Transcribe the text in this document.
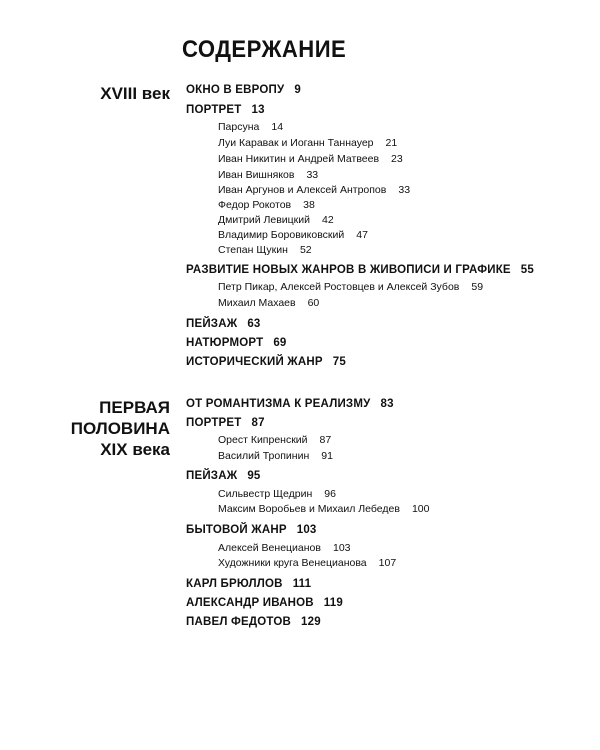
СОДЕРЖАНИЕ
XVIII век
ПЕРВАЯ
ПОЛОВИНА
XIX века
ОКНО В ЕВРОПУ 9
ПОРТРЕТ 13
Парсуна 14
Луи Каравак и Иоганн Таннауер 21
Иван Никитин и Андрей Матвеев 23
Иван Вишняков 33
Иван Аргунов и Алексей Антропов 33
Федор Рокотов 38
Дмитрий Левицкий 42
Владимир Боровиковский 47
Степан Щукин 52
РАЗВИТИЕ НОВЫХ ЖАНРОВ В ЖИВОПИСИ И ГРАФИКЕ 55
Петр Пикар, Алексей Ростовцев и Алексей Зубов 59
Михаил Махаев 60
ПЕЙЗАЖ 63
НАТЮРМОРТ 69
ИСТОРИЧЕСКИЙ ЖАНР 75
ОТ РОМАНТИЗМА К РЕАЛИЗМУ 83
ПОРТРЕТ 87
Орест Кипренский 87
Василий Тропинин 91
ПЕЙЗАЖ 95
Сильвестр Щедрин 96
Максим Воробьев и Михаил Лебедев 100
БЫТОВОЙ ЖАНР 103
Алексей Венецианов 103
Художники круга Венецианова 107
КАРЛ БРЮЛЛОВ 111
АЛЕКСАНДР ИВАНОВ 119
ПАВЕЛ ФЕДОТОВ 129
